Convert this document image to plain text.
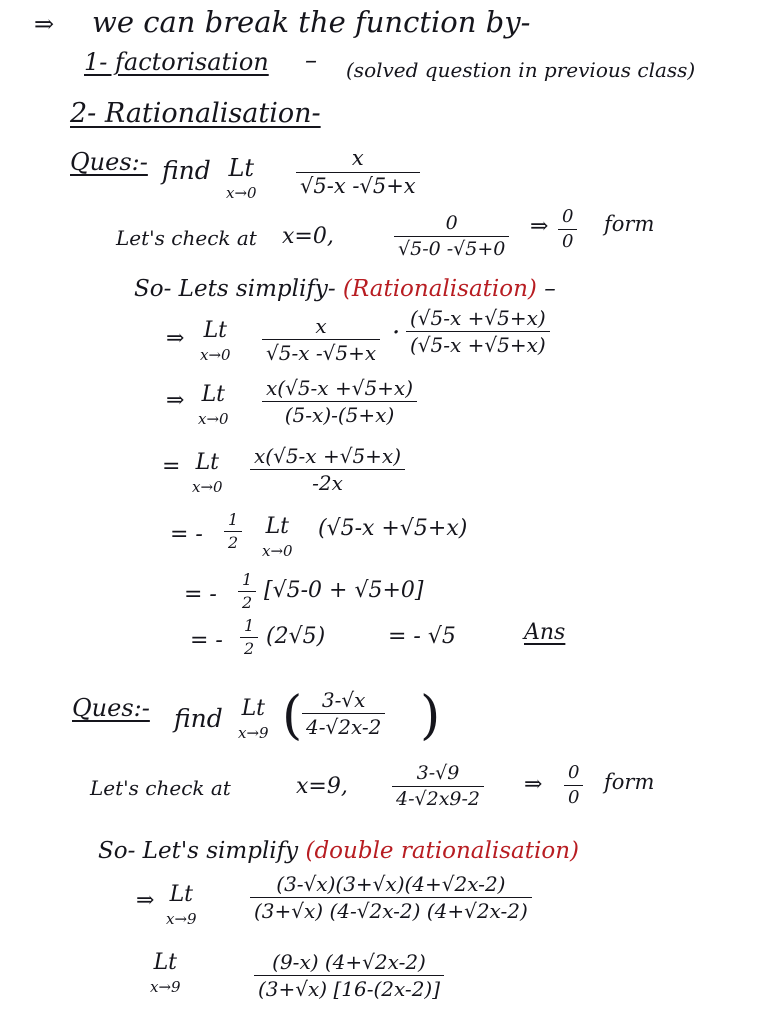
⇒ we can break the function by-
1- factorisation – (solved question in previous class)
2- Rationalisation-
Ques:- find Lt
x→0
x
√5-x -√5+x
Let's check at x=0,
0
√5-0 -√5+0
⇒ 0
0
form
So- Lets simplify- (Rationalisation) –
⇒ Lt
x→0
x
√5-x -√5+x
· (√5-x +√5+x)
(√5-x +√5+x)
⇒ Lt
x→0
x(√5-x +√5+x)
(5-x)-(5+x)
= Lt
x→0
x(√5-x +√5+x)
-2x
= -
1
2
Lt
x→0
(√5-x +√5+x)
= -
1
2 [√5-0 + √5+0]
= -
1
2 (2√5)	= - √5	Ans
Ques:- find Lt
x→9 ( 3-√x
4-√2x-2 )
Let's check at	x=9,
3-√9
4-√2x9-2
⇒ 0
0
form
So- Let's simplify (double rationalisation)
⇒ Lt
x→9
(3-√x)(3+√x)(4+√2x-2)
(3+√x) (4-√2x-2) (4+√2x-2)
Lt
x→9
(9-x) (4+√2x-2)
(3+√x) [16-(2x-2)]
